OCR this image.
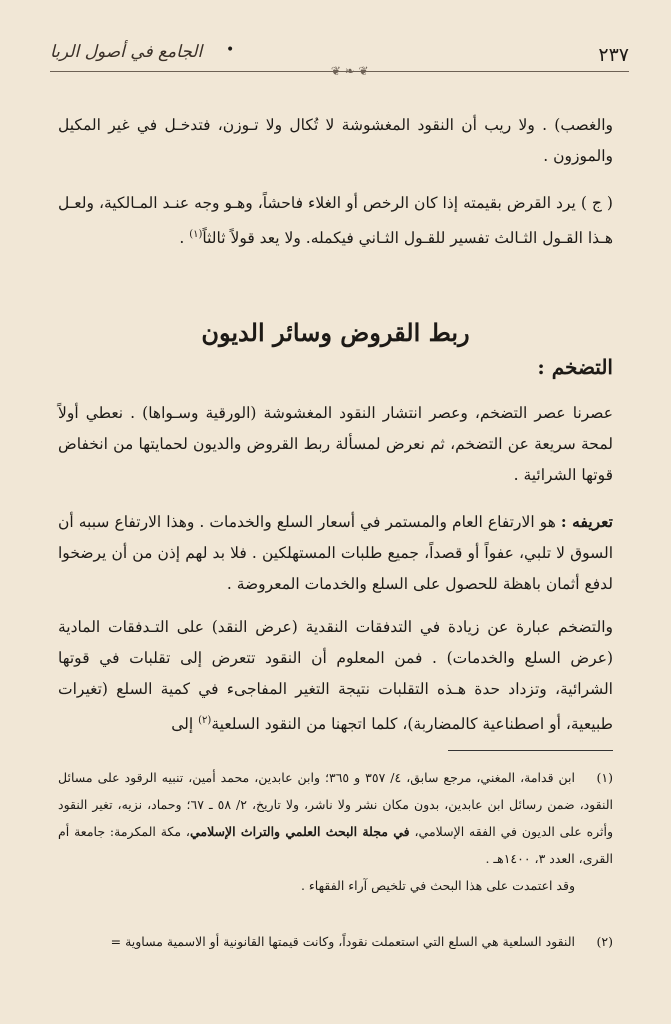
٢٣٧
•
الجامع في أصول الربا
❦ ❧ ❦

والغصب) . ولا ريب أن النقود المغشوشة لا تُكال ولا تـوزن، فتدخـل في غير المكيل والموزون .

( ج ) يرد القرض بقيمته إذا كان الرخص أو الغلاء فاحشاً، وهـو وجه عنـد المـالكية، ولعـل هـذا القـول الثـالث تفسير للقـول الثـاني فيكمله. ولا يعد قولاً ثالثاً$^{(١)}$ .

ربط القروض وسائر الديون
التضخم :

عصرنا عصر التضخم، وعصر انتشار النقود المغشوشة (الورقية وسـواها) . نعطي أولاً لمحة سريعة عن التضخم، ثم نعرض لمسألة ربط القروض والديون لحمايتها من انخفاض قوتها الشرائية .

تعريفه : هو الارتفاع العام والمستمر في أسعار السلع والخدمات . وهذا الارتفاع سببه أن السوق لا تلبي، عفواً أو قصداً، جميع طلبات المستهلكين . فلا بد لهم إذن من أن يرضخوا لدفع أثمان باهظة للحصول على السلع والخدمات المعروضة .

والتضخم عبارة عن زيادة في التدفقات النقدية (عرض النقد) على التـدفقات المادية (عرض السلع والخدمات) . فمن المعلوم أن النقود تتعرض إلى تقلبات في قوتها الشرائية، وتزداد حدة هـذه التقلبات نتيجة التغير المفاجىء في كمية السلع (تغيرات طبيعية، أو اصطناعية كالمضاربة)، كلما اتجهنا من النقود السلعية$^{(٢)}$ إلى

(١)ابن قدامة، المغني، مرجع سابق، ٤/ ٣٥٧ و ٣٦٥؛ وابن عابدين، محمد أمين، تنبيه الرقود على مسائل النقود، ضمن رسائل ابن عابدين، بدون مكان نشر ولا ناشر، ولا تاريخ، ٢/ ٥٨ ـ ٦٧؛ وحماد، نزيه، تغير النقود وأثره على الديون في الفقه الإسلامي، في مجلة البحث العلمي والتراث الإسلامي، مكة المكرمة: جامعة أم القرى، العدد ٣، ١٤٠٠هـ .
وقد اعتمدت على هذا البحث في تلخيص آراء الفقهاء .
(٢)النقود السلعية هي السلع التي استعملت نقوداً، وكانت قيمتها القانونية أو الاسمية مساوية =
